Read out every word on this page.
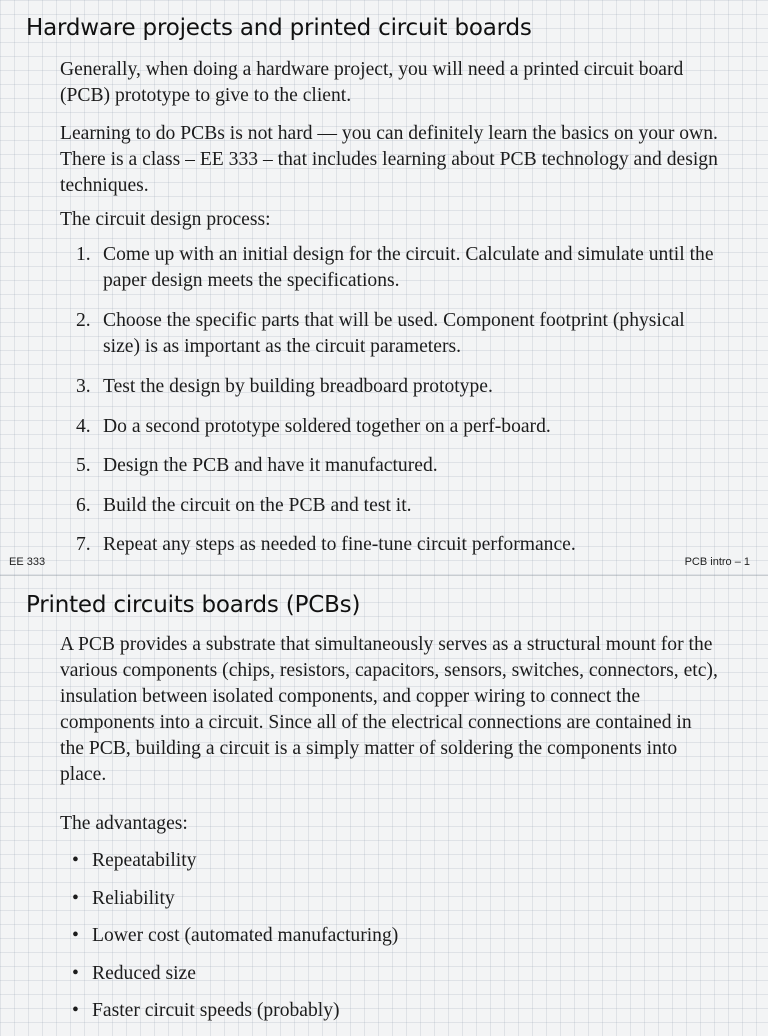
Hardware projects and printed circuit boards

Generally, when doing a hardware project, you will need a printed circuit board (PCB) prototype to give to the client.

Learning to do PCBs is not hard — you can definitely learn the basics on your own. There is a class – EE 333 – that includes learning about PCB technology and design techniques.

The circuit design process:

1. Come up with an initial design for the circuit. Calculate and simulate until the paper design meets the specifications.
2. Choose the specific parts that will be used. Component footprint (physical size) is as important as the circuit parameters.
3. Test the design by building breadboard prototype.
4. Do a second prototype soldered together on a perf-board.
5. Design the PCB and have it manufactured.
6. Build the circuit on the PCB and test it.
7. Repeat any steps as needed to fine-tune circuit performance.
EE 333	PCB intro – 1
Printed circuits boards (PCBs)

A PCB provides a substrate that simultaneously serves as a structural mount for the various components (chips, resistors, capacitors, sensors, switches, connectors, etc), insulation between isolated components, and copper wiring to connect the components into a circuit. Since all of the electrical connections are contained in the PCB, building a circuit is a simply matter of soldering the components into place.

The advantages:

• Repeatability
• Reliability
• Lower cost (automated manufacturing)
• Reduced size
• Faster circuit speeds (probably)
